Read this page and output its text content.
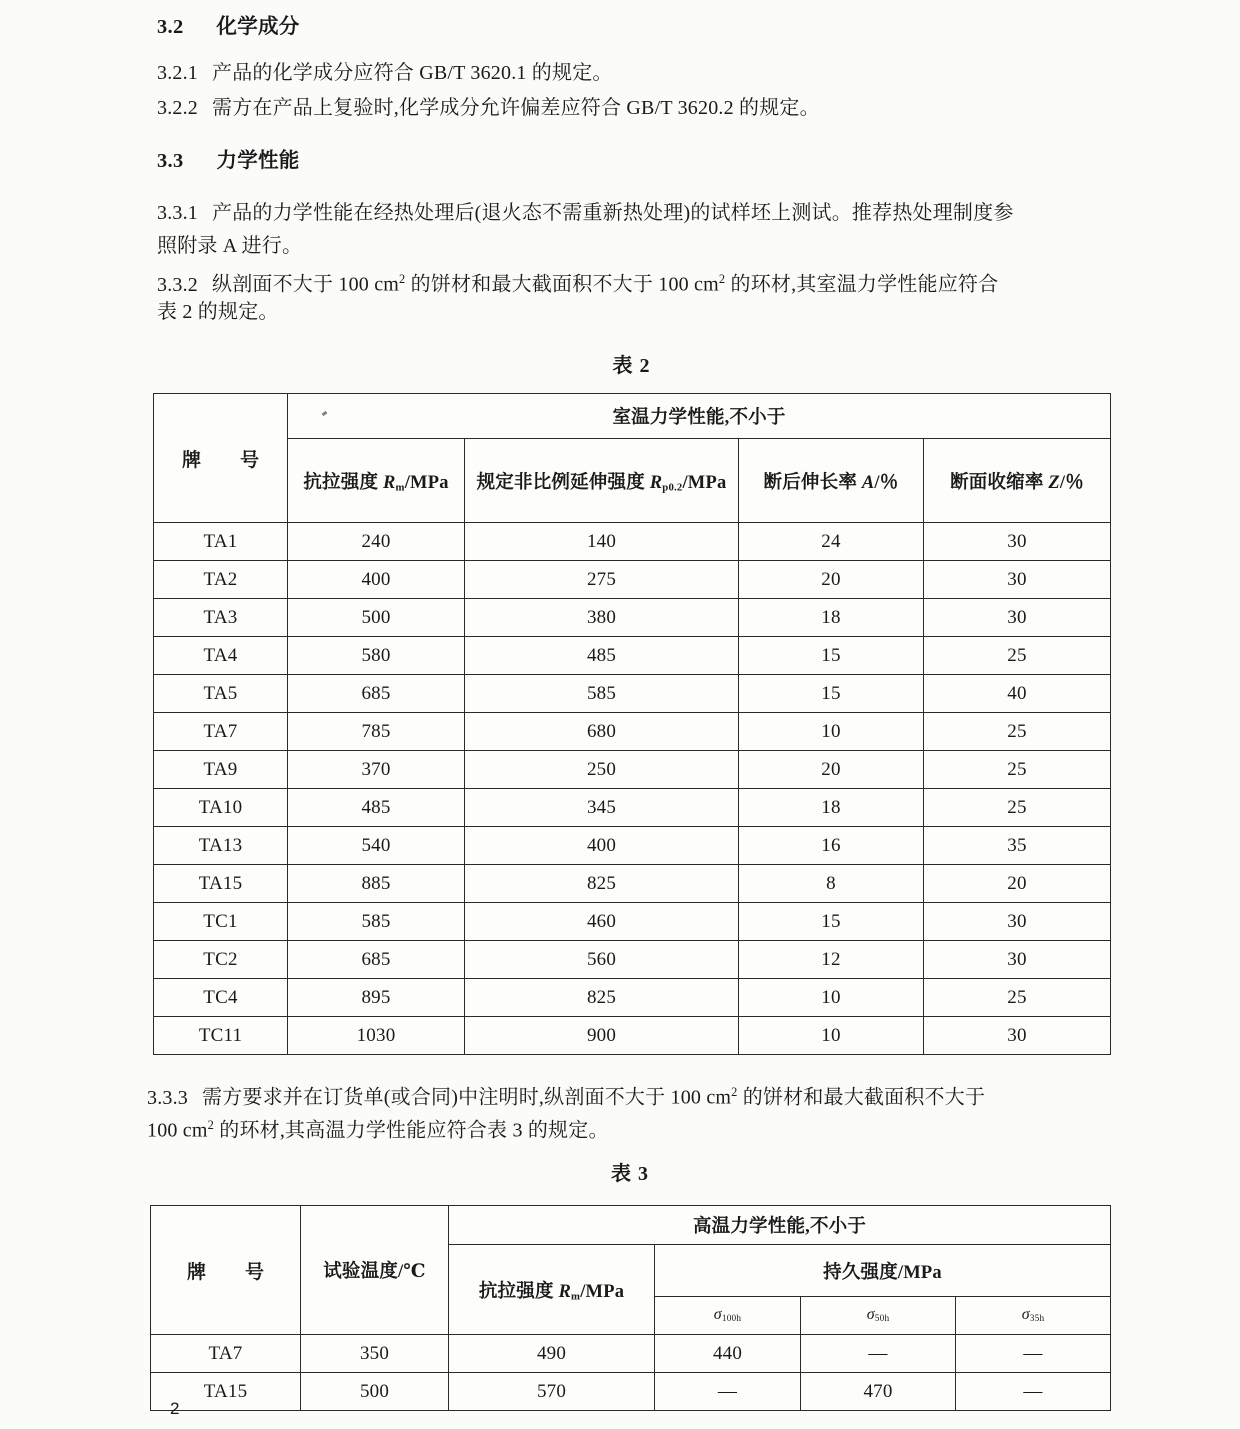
3.2 化学成分
3.2.1 产品的化学成分应符合 GB/T 3620.1 的规定。
3.2.2 需方在产品上复验时,化学成分允许偏差应符合 GB/T 3620.2 的规定。
3.3 力学性能
3.3.1 产品的力学性能在经热处理后(退火态不需重新热处理)的试样坯上测试。推荐热处理制度参
照附录 A 进行。
3.3.2 纵剖面不大于 100 $cm^2$ 的饼材和最大截面积不大于 100 $cm^2$ 的环材,其室温力学性能应符合
表 2 的规定。
表 2
牌　号	室温力学性能,不小于			
	抗拉强度 $R_m$/MPa	规定非比例延伸强度 $R_{p0.2}$/MPa	断后伸长率 A/％	断面收缩率 Z/％
TA1	240	140	24	30
TA2	400	275	20	30
TA3	500	380	18	30
TA4	580	485	15	25
TA5	685	585	15	40
TA7	785	680	10	25
TA9	370	250	20	25
TA10	485	345	18	25
TA13	540	400	16	35
TA15	885	825	8	20
TC1	585	460	15	30
TC2	685	560	12	30
TC4	895	825	10	25
TC11	1030	900	10	30
3.3.3 需方要求并在订货单(或合同)中注明时,纵剖面不大于 100 $cm^2$ 的饼材和最大截面积不大于
100 $cm^2$ 的环材,其高温力学性能应符合表 3 的规定。
表 3
牌　号	试验温度/℃	高温力学性能,不小于			
		抗拉强度 $R_m$/MPa	持久强度/MPa		
			$\sigma_{100h}$	$\sigma_{50h}$	$\sigma_{35h}$
TA7	350	490	440	—	—
TA15	500	570	—	470	—
2
